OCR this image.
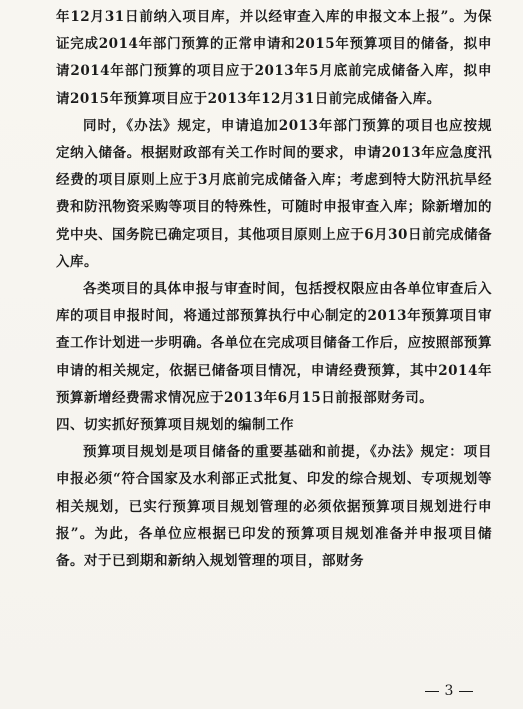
年12月31日前纳入项目库，并以经审查入库的申报文本上报”。为保证完成2014年部门预算的正常申请和2015年预算项目的储备，拟申请2014年部门预算的项目应于2013年5月底前完成储备入库，拟申请2015年预算项目应于2013年12月31日前完成储备入库。

同时，《办法》规定，申请追加2013年部门预算的项目也应按规定纳入储备。根据财政部有关工作时间的要求，申请2013年应急度汛经费的项目原则上应于3月底前完成储备入库；考虑到特大防汛抗旱经费和防汛物资采购等项目的特殊性，可随时申报审查入库；除新增加的党中央、国务院已确定项目，其他项目原则上应于6月30日前完成储备入库。

各类项目的具体申报与审查时间，包括授权限应由各单位审查后入库的项目申报时间，将通过部预算执行中心制定的2013年预算项目审查工作计划进一步明确。各单位在完成项目储备工作后，应按照部预算申请的相关规定，依据已储备项目情况，申请经费预算，其中2014年预算新增经费需求情况应于2013年6月15日前报部财务司。

四、切实抓好预算项目规划的编制工作

预算项目规划是项目储备的重要基础和前提，《办法》规定：项目申报必须“符合国家及水利部正式批复、印发的综合规划、专项规划等相关规划，已实行预算项目规划管理的必须依据预算项目规划进行申报”。为此，各单位应根据已印发的预算项目规划准备并申报项目储备。对于已到期和新纳入规划管理的项目，部财务

3
